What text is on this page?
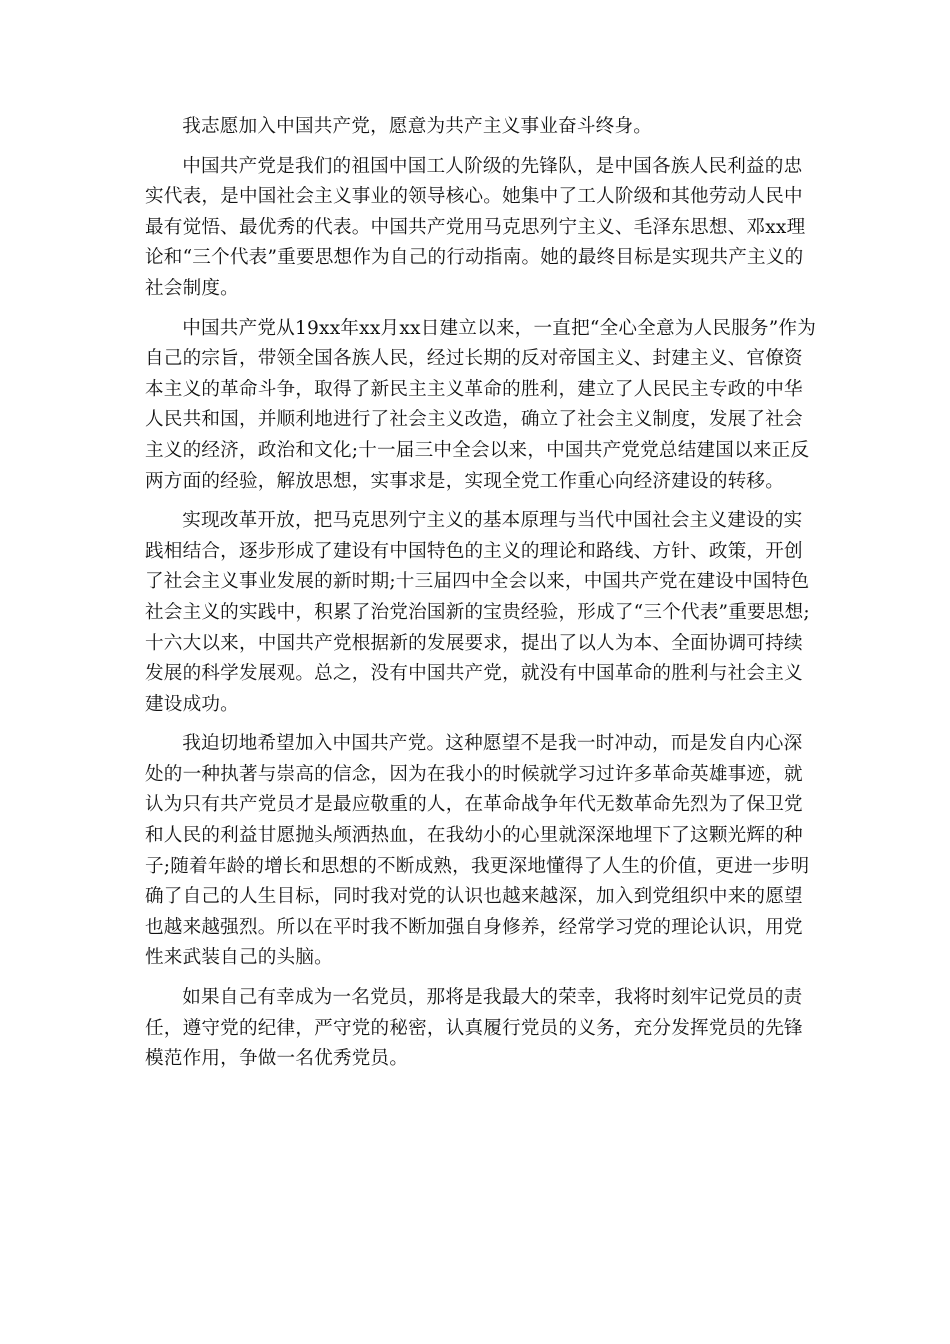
我志愿加入中国共产党，愿意为共产主义事业奋斗终身。

中国共产党是我们的祖国中国工人阶级的先锋队，是中国各族人民利益的忠实代表，是中国社会主义事业的领导核心。她集中了工人阶级和其他劳动人民中最有觉悟、最优秀的代表。中国共产党用马克思列宁主义、毛泽东思想、邓xx理论和“三个代表”重要思想作为自己的行动指南。她的最终目标是实现共产主义的社会制度。

中国共产党从19xx年xx月xx日建立以来，一直把“全心全意为人民服务”作为自己的宗旨，带领全国各族人民，经过长期的反对帝国主义、封建主义、官僚资本主义的革命斗争，取得了新民主主义革命的胜利，建立了人民民主专政的中华人民共和国，并顺利地进行了社会主义改造，确立了社会主义制度，发展了社会主义的经济，政治和文化;十一届三中全会以来，中国共产党党总结建国以来正反两方面的经验，解放思想，实事求是，实现全党工作重心向经济建设的转移。

实现改革开放，把马克思列宁主义的基本原理与当代中国社会主义建设的实践相结合，逐步形成了建设有中国特色的主义的理论和路线、方针、政策，开创了社会主义事业发展的新时期;十三届四中全会以来，中国共产党在建设中国特色社会主义的实践中，积累了治党治国新的宝贵经验，形成了“三个代表”重要思想;十六大以来，中国共产党根据新的发展要求，提出了以人为本、全面协调可持续发展的科学发展观。总之，没有中国共产党，就没有中国革命的胜利与社会主义建设成功。

我迫切地希望加入中国共产党。这种愿望不是我一时冲动，而是发自内心深处的一种执著与崇高的信念，因为在我小的时候就学习过许多革命英雄事迹，就认为只有共产党员才是最应敬重的人，在革命战争年代无数革命先烈为了保卫党和人民的利益甘愿抛头颅洒热血，在我幼小的心里就深深地埋下了这颗光辉的种子;随着年龄的增长和思想的不断成熟，我更深地懂得了人生的价值，更进一步明确了自己的人生目标，同时我对党的认识也越来越深，加入到党组织中来的愿望也越来越强烈。所以在平时我不断加强自身修养，经常学习党的理论认识，用党性来武装自己的头脑。

如果自己有幸成为一名党员，那将是我最大的荣幸，我将时刻牢记党员的责任，遵守党的纪律，严守党的秘密，认真履行党员的义务，充分发挥党员的先锋模范作用，争做一名优秀党员。
